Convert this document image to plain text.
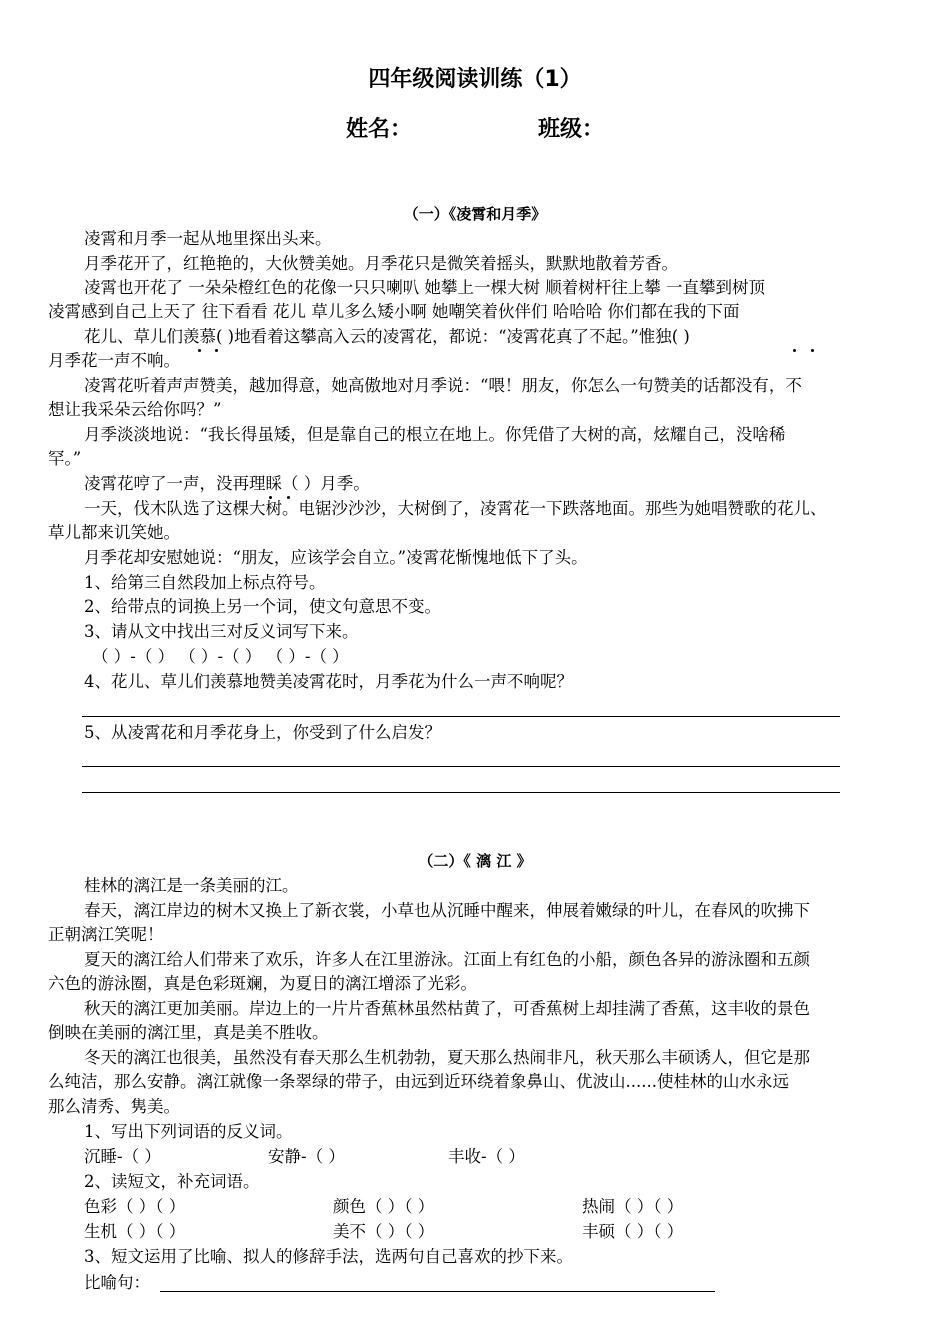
四年级阅读训练（1）
姓名：	班级：
（一）《凌霄和月季》
凌霄和月季一起从地里探出头来。
月季花开了，红艳艳的，大伙赞美她。月季花只是微笑着摇头，默默地散着芳香。
凌霄也开花了 一朵朵橙红色的花像一只只喇叭 她攀上一棵大树 顺着树杆往上攀 一直攀到树顶
凌霄感到自己上天了 往下看看 花儿 草儿多么矮小啊 她嘲笑着伙伴们 哈哈哈 你们都在我的下面
花儿、草儿们羡慕( )地看着这攀高入云的凌霄花，都说：“凌霄花真了不起。”惟独( )
月季花一声不响。
凌霄花听着声声赞美，越加得意，她高傲地对月季说：“喂！朋友，你怎么一句赞美的话都没有，不
想让我采朵云给你吗？”
月季淡淡地说：“我长得虽矮，但是靠自己的根立在地上。你凭借了大树的高，炫耀自己，没啥稀
罕。”
凌霄花哼了一声，没再理睬（ ）月季。
一天，伐木队选了这棵大树。电锯沙沙沙，大树倒了，凌霄花一下跌落地面。那些为她唱赞歌的花儿、
草儿都来讥笑她。
月季花却安慰她说：“朋友，应该学会自立。”凌霄花惭愧地低下了头。
1、给第三自然段加上标点符号。
2、给带点的词换上另一个词，使文句意思不变。
3、请从文中找出三对反义词写下来。
（ ）-（ ） （ ）-（ ） （ ）-（ ）
4、花儿、草儿们羡慕地赞美凌霄花时，月季花为什么一声不响呢？
5、从凌霄花和月季花身上，你受到了什么启发？
（二）《 漓 江 》
桂林的漓江是一条美丽的江。
春天，漓江岸边的树木又换上了新衣裳，小草也从沉睡中醒来，伸展着嫩绿的叶儿，在春风的吹拂下
正朝漓江笑呢！
夏天的漓江给人们带来了欢乐，许多人在江里游泳。江面上有红色的小船，颜色各异的游泳圈和五颜
六色的游泳圈，真是色彩斑斓，为夏日的漓江增添了光彩。
秋天的漓江更加美丽。岸边上的一片片香蕉林虽然枯黄了，可香蕉树上却挂满了香蕉，这丰收的景色
倒映在美丽的漓江里，真是美不胜收。
冬天的漓江也很美，虽然没有春天那么生机勃勃，夏天那么热闹非凡，秋天那么丰硕诱人，但它是那
么纯洁，那么安静。漓江就像一条翠绿的带子，由远到近环绕着象鼻山、优波山......使桂林的山水永远
那么清秀、隽美。
1、写出下列词语的反义词。
沉睡-（ ）	安静-（ ）	丰收-（ ）
2、读短文，补充词语。
色彩（ ）（ ）	颜色（ ）（ ）	热闹（ ）（ ）
生机（ ）（ ）	美不（ ）（ ）	丰硕（ ）（ ）
3、短文运用了比喻、拟人的修辞手法，选两句自己喜欢的抄下来。
比喻句：
